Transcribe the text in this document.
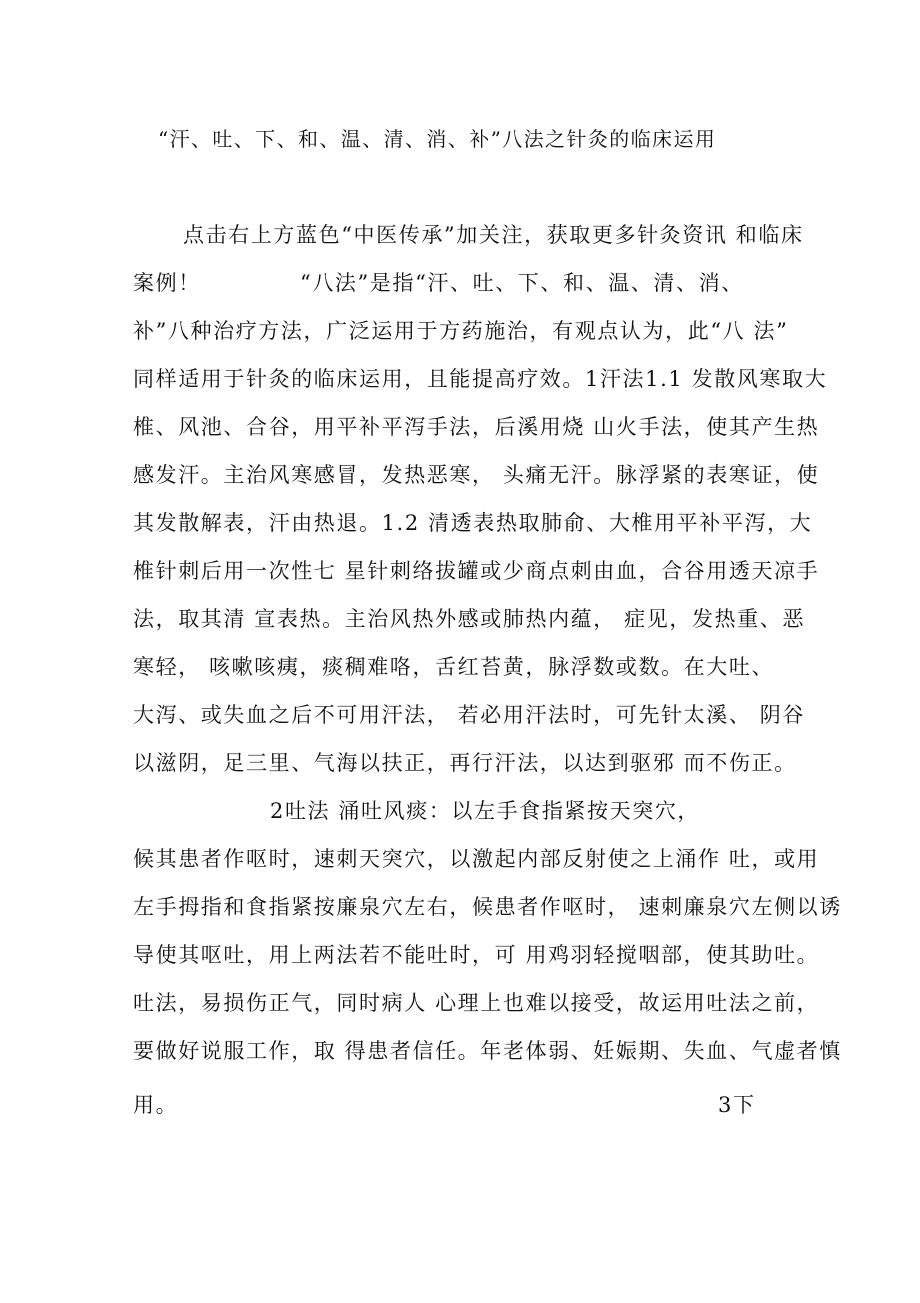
“汗、吐、下、和、温、清、消、补”八法之针灸的临床运用
点击右上方蓝色“中医传承”加关注，获取更多针灸资讯 和临床
案例！	“八法”是指“汗、吐、下、和、温、清、消、
补”八种治疗方法，广泛运用于方药施治，有观点认为，此“八 法”
同样适用于针灸的临床运用，且能提高疗效。1汗法1.1 发散风寒取大
椎、风池、合谷，用平补平泻手法，后溪用烧 山火手法，使其产生热
感发汗。主治风寒感冒，发热恶寒， 头痛无汗。脉浮紧的表寒证，使
其发散解表，汗由热退。1.2 清透表热取肺俞、大椎用平补平泻，大
椎针刺后用一次性七 星针刺络拔罐或少商点刺由血，合谷用透天凉手
法，取其清 宣表热。主治风热外感或肺热内蕴， 症见，发热重、恶
寒轻， 咳嗽咳痍，痰稠难咯，舌红苔黄，脉浮数或数。在大吐、
大泻、或失血之后不可用汗法， 若必用汗法时，可先针太溪、 阴谷
以滋阴，足三里、气海以扶正，再行汗法，以达到驱邪 而不伤正。
2吐法 涌吐风痰：以左手食指紧按天突穴，
候其患者作呕时，速刺天突穴，以激起内部反射使之上涌作 吐，或用
左手拇指和食指紧按廉泉穴左右，候患者作呕时， 速刺廉泉穴左侧以诱
导使其呕吐，用上两法若不能吐时，可 用鸡羽轻搅咽部，使其助吐。
吐法，易损伤正气，同时病人 心理上也难以接受，故运用吐法之前，
要做好说服工作，取 得患者信任。年老体弱、妊娠期、失血、气虚者慎
用。	3下
